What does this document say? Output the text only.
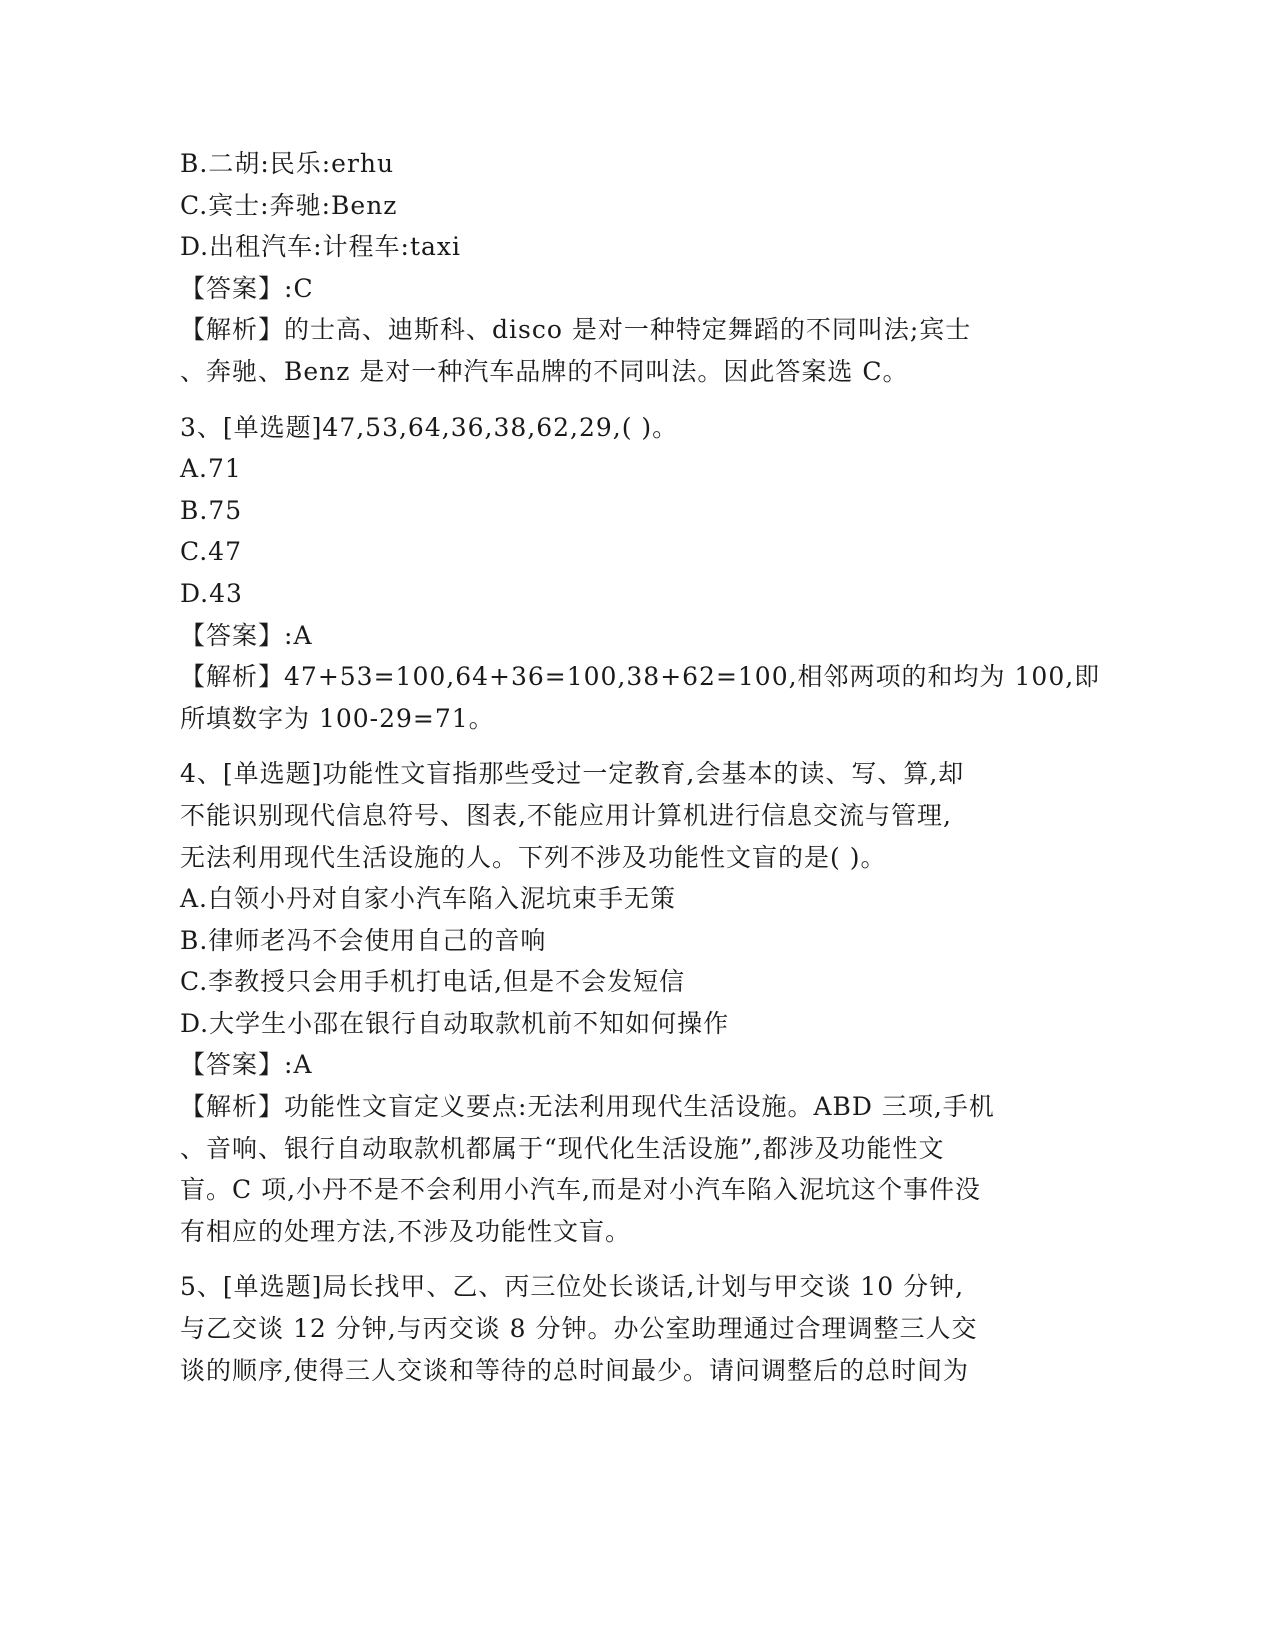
B.二胡:民乐:erhu
C.宾士:奔驰:Benz
D.出租汽车:计程车:taxi
【答案】:C
【解析】的士高、迪斯科、disco 是对一种特定舞蹈的不同叫法;宾士
、奔驰、Benz 是对一种汽车品牌的不同叫法。因此答案选 C。
3、[单选题]47,53,64,36,38,62,29,( )。
A.71
B.75
C.47
D.43
【答案】:A
【解析】47+53=100,64+36=100,38+62=100,相邻两项的和均为 100,即
所填数字为 100-29=71。
4、[单选题]功能性文盲指那些受过一定教育,会基本的读、写、算,却
不能识别现代信息符号、图表,不能应用计算机进行信息交流与管理,
无法利用现代生活设施的人。下列不涉及功能性文盲的是( )。
A.白领小丹对自家小汽车陷入泥坑束手无策
B.律师老冯不会使用自己的音响
C.李教授只会用手机打电话,但是不会发短信
D.大学生小邵在银行自动取款机前不知如何操作
【答案】:A
【解析】功能性文盲定义要点:无法利用现代生活设施。ABD 三项,手机
、音响、银行自动取款机都属于“现代化生活设施”,都涉及功能性文
盲。C 项,小丹不是不会利用小汽车,而是对小汽车陷入泥坑这个事件没
有相应的处理方法,不涉及功能性文盲。
5、[单选题]局长找甲、乙、丙三位处长谈话,计划与甲交谈 10 分钟,
与乙交谈 12 分钟,与丙交谈 8 分钟。办公室助理通过合理调整三人交
谈的顺序,使得三人交谈和等待的总时间最少。请问调整后的总时间为
